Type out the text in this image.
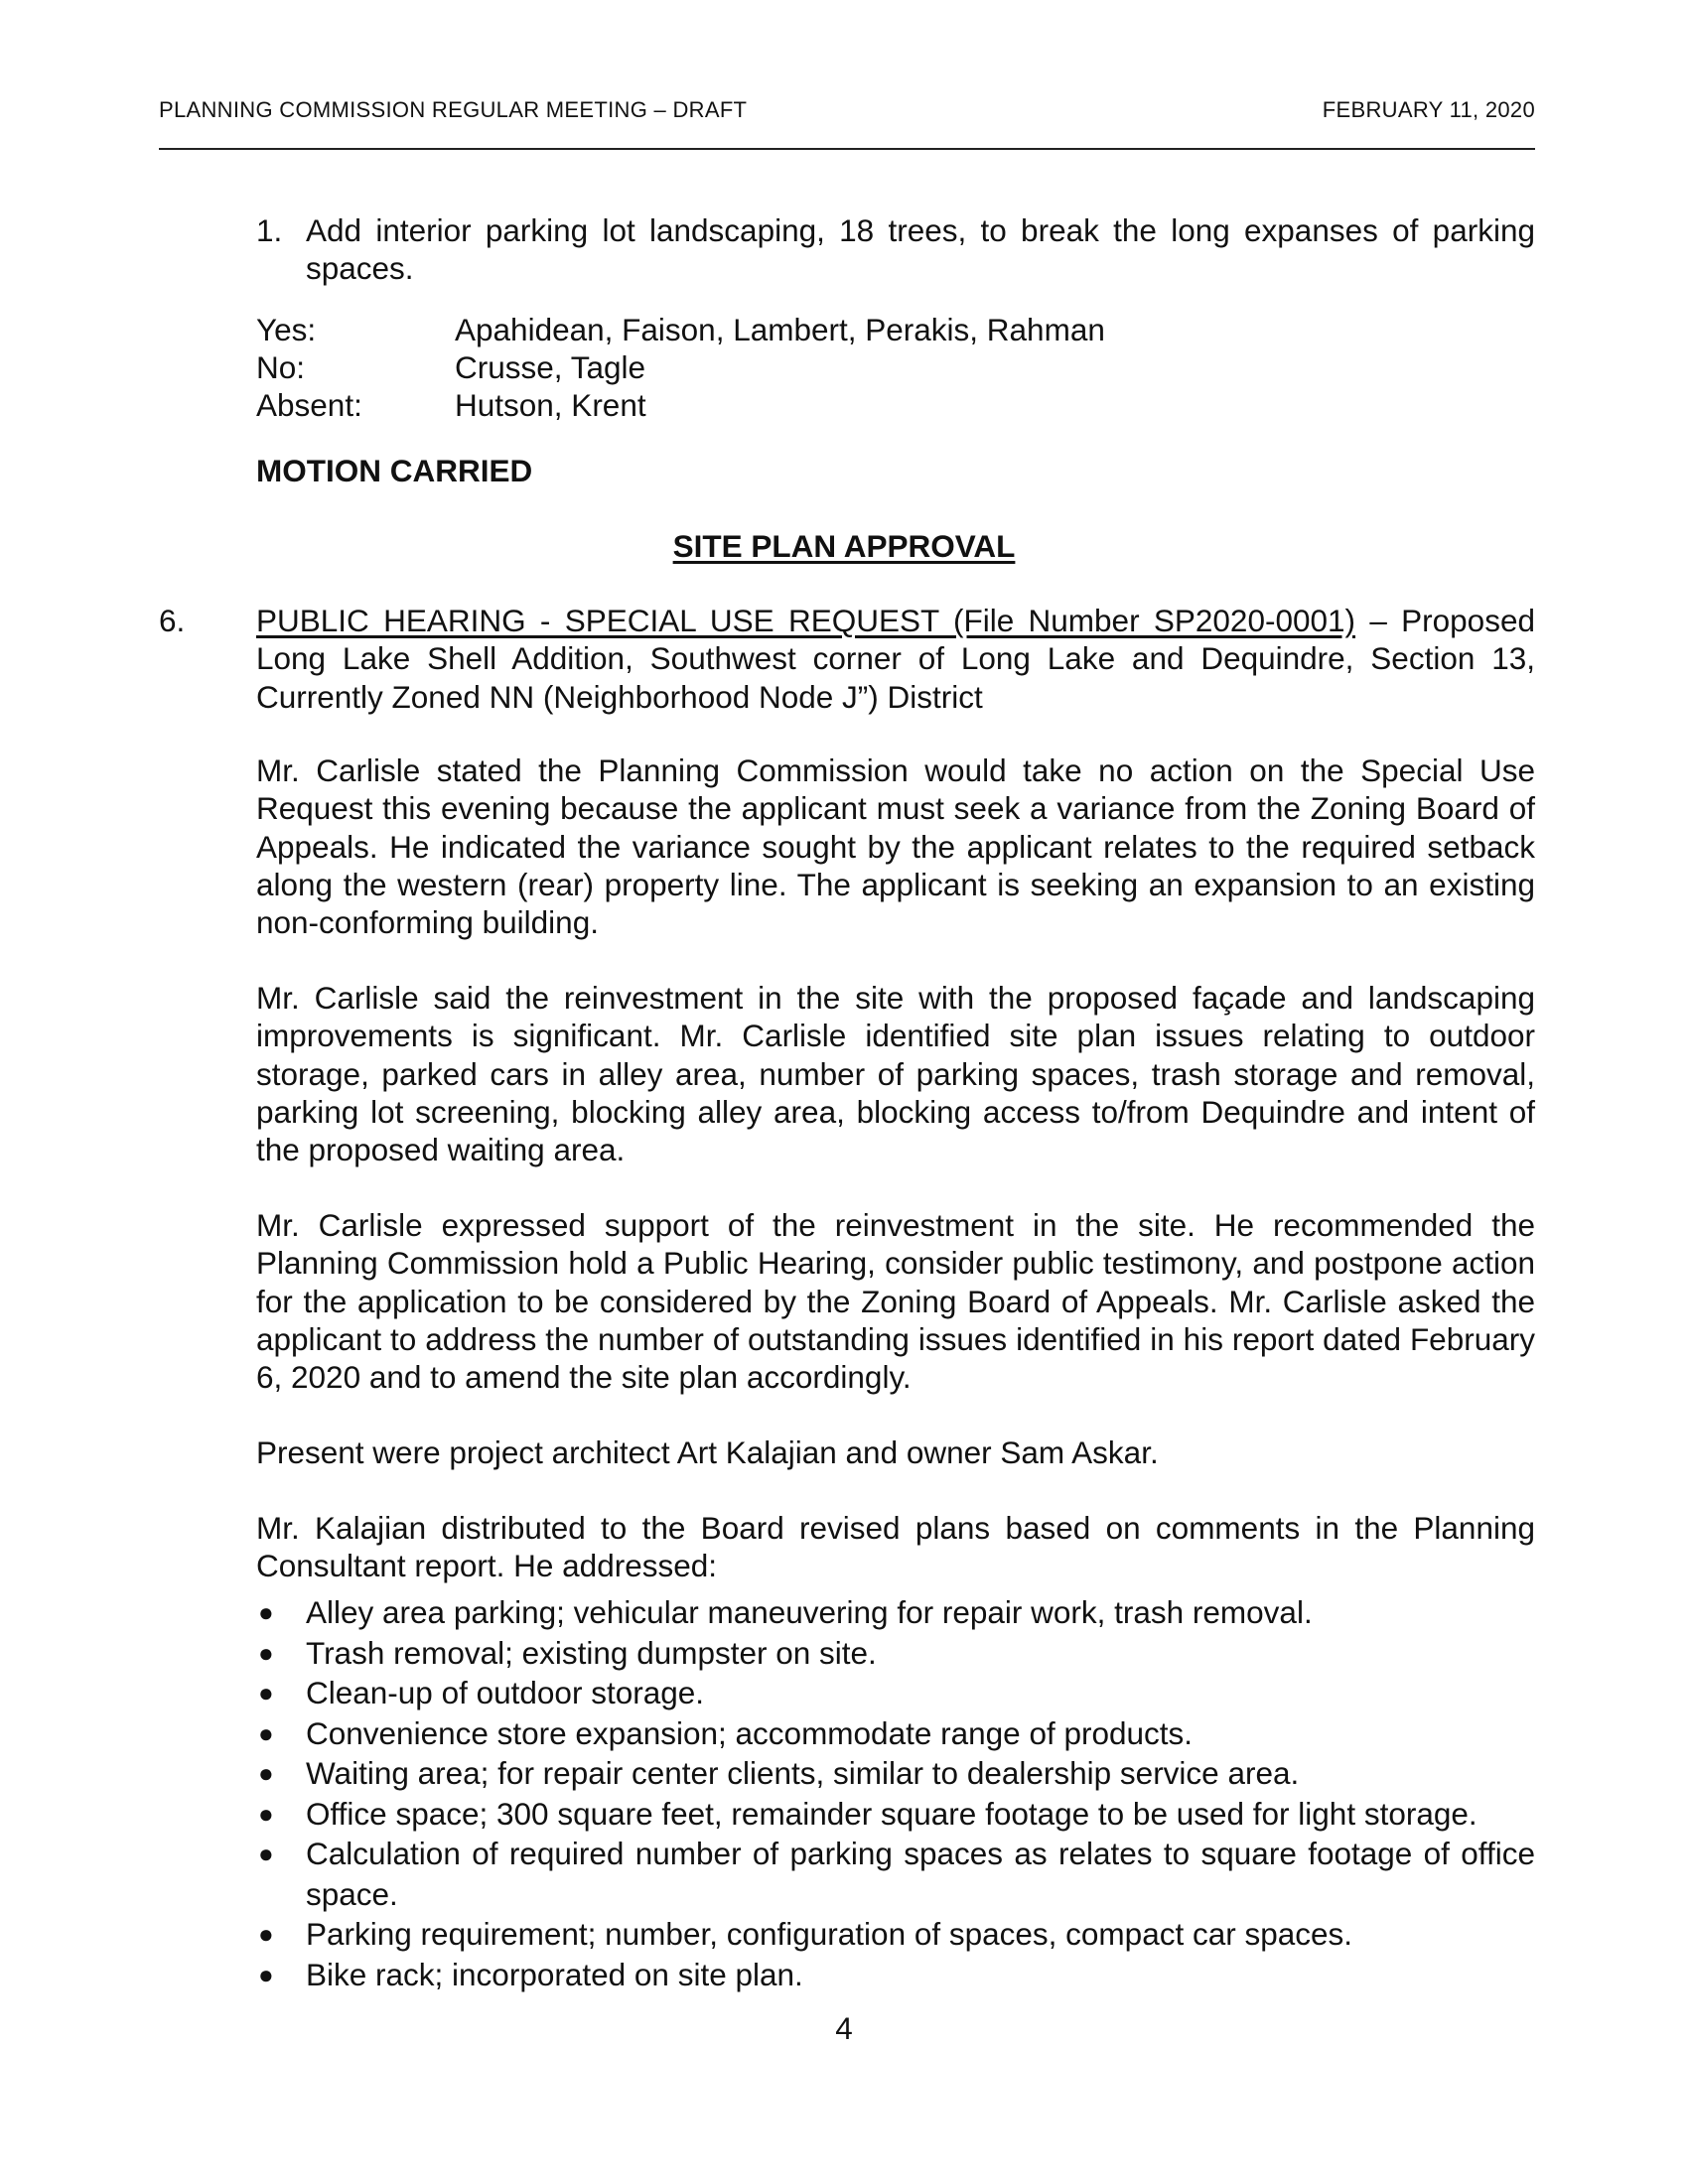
PLANNING COMMISSION REGULAR MEETING – DRAFT	FEBRUARY 11, 2020
1. Add interior parking lot landscaping, 18 trees, to break the long expanses of parking spaces.
Yes:	Apahidean, Faison, Lambert, Perakis, Rahman
No:	Crusse, Tagle
Absent:	Hutson, Krent
MOTION CARRIED
SITE PLAN APPROVAL
6. PUBLIC HEARING - SPECIAL USE REQUEST (File Number SP2020-0001) – Proposed Long Lake Shell Addition, Southwest corner of Long Lake and Dequindre, Section 13, Currently Zoned NN (Neighborhood Node J”) District
Mr. Carlisle stated the Planning Commission would take no action on the Special Use Request this evening because the applicant must seek a variance from the Zoning Board of Appeals. He indicated the variance sought by the applicant relates to the required setback along the western (rear) property line. The applicant is seeking an expansion to an existing non-conforming building.
Mr. Carlisle said the reinvestment in the site with the proposed façade and landscaping improvements is significant. Mr. Carlisle identified site plan issues relating to outdoor storage, parked cars in alley area, number of parking spaces, trash storage and removal, parking lot screening, blocking alley area, blocking access to/from Dequindre and intent of the proposed waiting area.
Mr. Carlisle expressed support of the reinvestment in the site. He recommended the Planning Commission hold a Public Hearing, consider public testimony, and postpone action for the application to be considered by the Zoning Board of Appeals. Mr. Carlisle asked the applicant to address the number of outstanding issues identified in his report dated February 6, 2020 and to amend the site plan accordingly.
Present were project architect Art Kalajian and owner Sam Askar.
Mr. Kalajian distributed to the Board revised plans based on comments in the Planning Consultant report. He addressed:
● Alley area parking; vehicular maneuvering for repair work, trash removal.
● Trash removal; existing dumpster on site.
● Clean-up of outdoor storage.
● Convenience store expansion; accommodate range of products.
● Waiting area; for repair center clients, similar to dealership service area.
● Office space; 300 square feet, remainder square footage to be used for light storage.
● Calculation of required number of parking spaces as relates to square footage of office space.
● Parking requirement; number, configuration of spaces, compact car spaces.
● Bike rack; incorporated on site plan.
4
